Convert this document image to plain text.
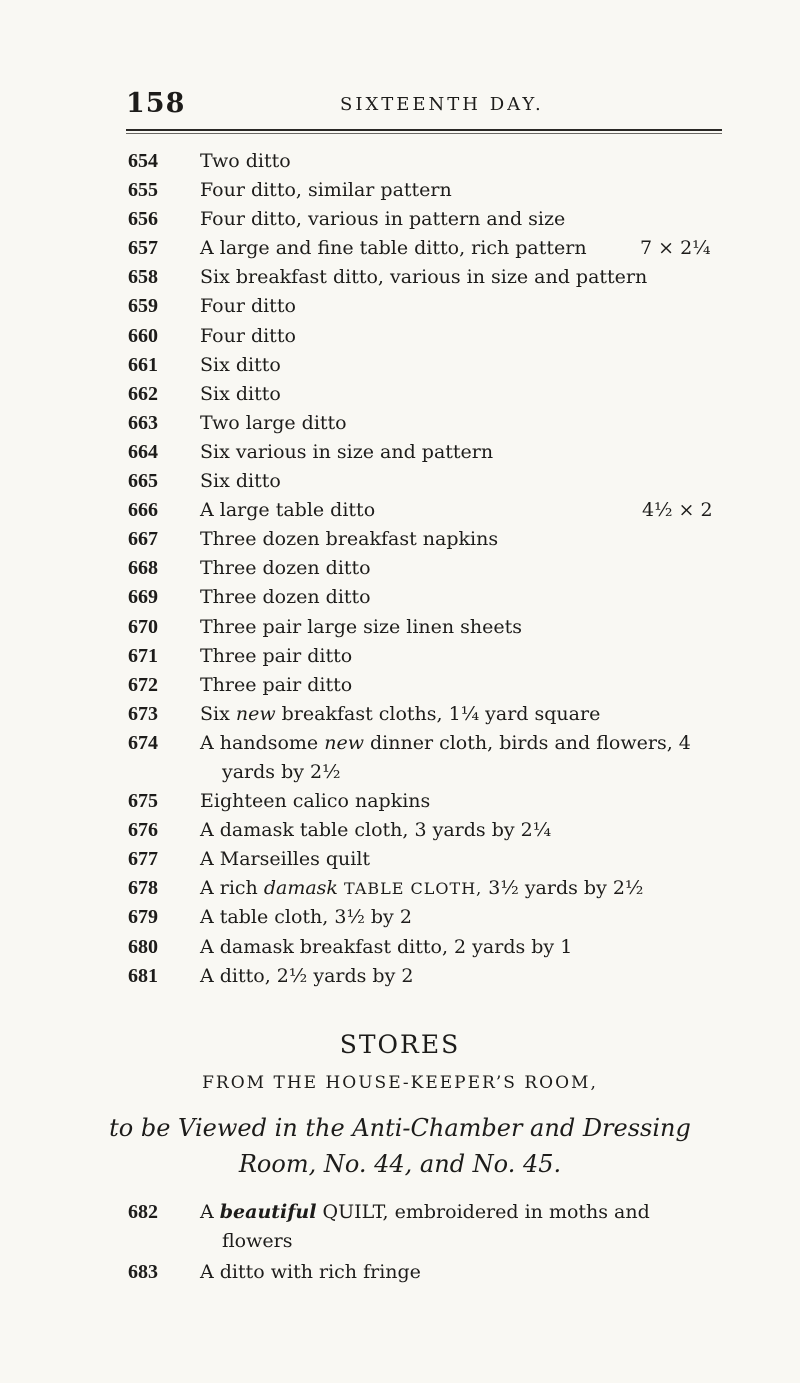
158	SIXTEENTH DAY.
654 Two ditto
655 Four ditto, similar pattern
656 Four ditto, various in pattern and size
657 A large and fine table ditto, rich pattern	7 × 2¼
658 Six breakfast ditto, various in size and pattern
659 Four ditto
660 Four ditto
661 Six ditto
662 Six ditto
663 Two large ditto
664 Six various in size and pattern
665 Six ditto
666 A large table ditto	4½ × 2
667 Three dozen breakfast napkins
668 Three dozen ditto
669 Three dozen ditto
670 Three pair large size linen sheets
671 Three pair ditto
672 Three pair ditto
673 Six new breakfast cloths, 1¼ yard square
674 A handsome new dinner cloth, birds and flowers, 4
yards by 2½
675 Eighteen calico napkins
676 A damask table cloth, 3 yards by 2¼
677 A Marseilles quilt
678 A rich damask TABLE CLOTH, 3½ yards by 2½
679 A table cloth, 3½ by 2
680 A damask breakfast ditto, 2 yards by 1
681 A ditto, 2½ yards by 2
STORES
FROM THE HOUSE-KEEPER’S ROOM,
to be Viewed in the Anti-Chamber and Dressing
Room, No. 44, and No. 45.
682 A beautiful QUILT, embroidered in moths and
flowers
683 A ditto with rich fringe
